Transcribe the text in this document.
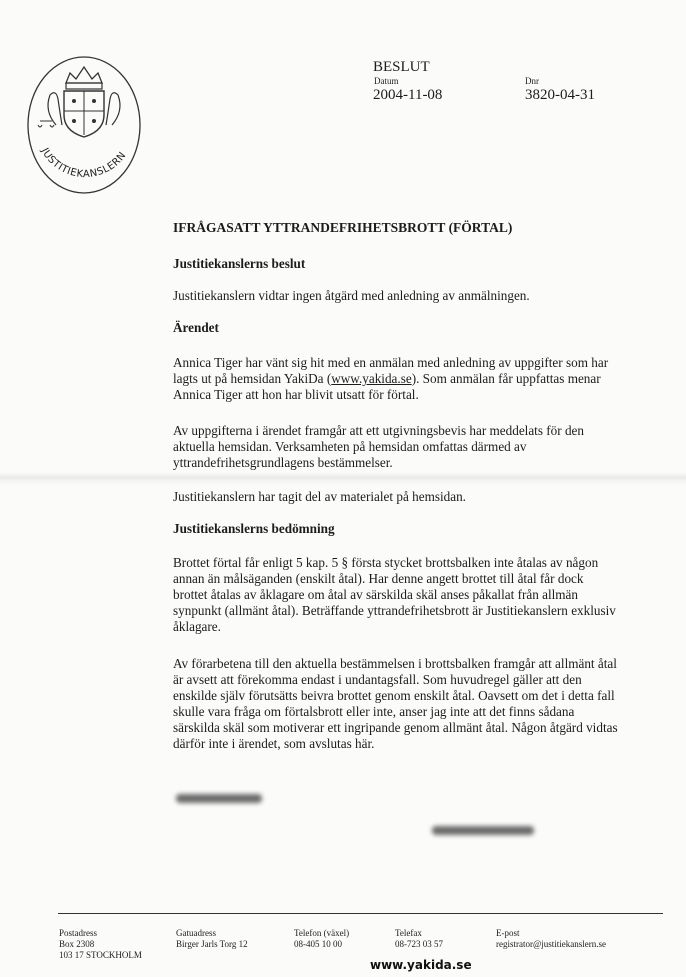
JUSTITIEKANSLERN
BESLUT
Datum
2004-11-08
Dnr
3820-04-31
IFRÅGASATT YTTRANDEFRIHETSBROTT (FÖRTAL)
Justitiekanslerns beslut

Justitiekanslern vidtar ingen åtgärd med anledning av anmälningen.

Ärendet

Annica Tiger har vänt sig hit med en anmälan med anledning av uppgifter som har lagts ut på hemsidan YakiDa (www.yakida.se). Som anmälan får uppfattas menar Annica Tiger att hon har blivit utsatt för förtal.

Av uppgifterna i ärendet framgår att ett utgivningsbevis har meddelats för den aktuella hemsidan. Verksamheten på hemsidan omfattas därmed av yttrandefrihetsgrundlagens bestämmelser.

Justitiekanslern har tagit del av materialet på hemsidan.

Justitiekanslerns bedömning

Brottet förtal får enligt 5 kap. 5 § första stycket brottsbalken inte åtalas av någon annan än målsäganden (enskilt åtal). Har denne angett brottet till åtal får dock brottet åtalas av åklagare om åtal av särskilda skäl anses påkallat från allmän synpunkt (allmänt åtal). Beträffande yttrandefrihetsbrott är Justitiekanslern exklusiv åklagare.

Av förarbetena till den aktuella bestämmelsen i brottsbalken framgår att allmänt åtal är avsett att förekomma endast i undantagsfall. Som huvudregel gäller att den enskilde själv förutsätts beivra brottet genom enskilt åtal. Oavsett om det i detta fall skulle vara fråga om förtalsbrott eller inte, anser jag inte att det finns sådana särskilda skäl som motiverar ett ingripande genom allmänt åtal. Någon åtgärd vidtas därför inte i ärendet, som avslutas här.

Postadress
Box 2308
103 17 STOCKHOLM
Gatuadress
Birger Jarls Torg 12
Telefon (växel)
08-405 10 00
Telefax
08-723 03 57
E-post
registrator@justitiekanslern.se
www.yakida.se
